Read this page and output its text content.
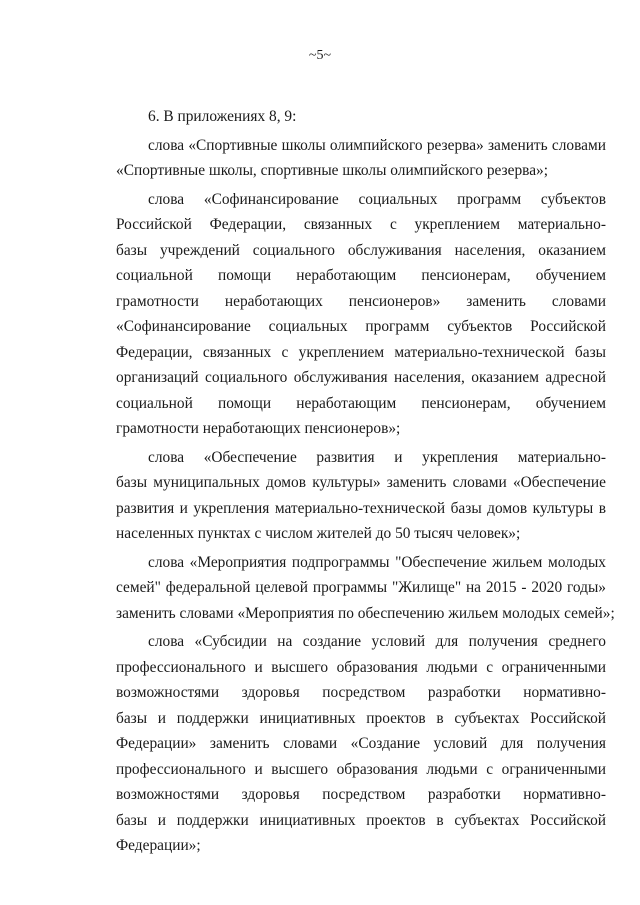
~5~
6. В приложениях 8, 9:
слова «Спортивные школы олимпийского резерва» заменить словами
«Спортивные школы, спортивные школы олимпийского резерва»;
слова «Софинансирование социальных программ субъектов
Российской Федерации, связанных с укреплением материально-
базы учреждений социального обслуживания населения, оказанием
социальной помощи неработающим пенсионерам, обучением
грамотности неработающих пенсионеров» заменить словами
«Софинансирование социальных программ субъектов Российской
Федерации, связанных с укреплением материально-технической базы
организаций социального обслуживания населения, оказанием адресной
социальной помощи неработающим пенсионерам, обучением
грамотности неработающих пенсионеров»;
слова «Обеспечение развития и укрепления материально-
базы муниципальных домов культуры» заменить словами «Обеспечение
развития и укрепления материально-технической базы домов культуры в
населенных пунктах с числом жителей до 50 тысяч человек»;
слова «Мероприятия подпрограммы "Обеспечение жильем молодых
семей" федеральной целевой программы "Жилище" на 2015 - 2020 годы»
заменить словами «Мероприятия по обеспечению жильем молодых семей»;
слова «Субсидии на создание условий для получения среднего
профессионального и высшего образования людьми с ограниченными
возможностями здоровья посредством разработки нормативно-
базы и поддержки инициативных проектов в субъектах Российской
Федерации» заменить словами «Создание условий для получения
профессионального и высшего образования людьми с ограниченными
возможностями здоровья посредством разработки нормативно-
базы и поддержки инициативных проектов в субъектах Российской
Федерации»;
